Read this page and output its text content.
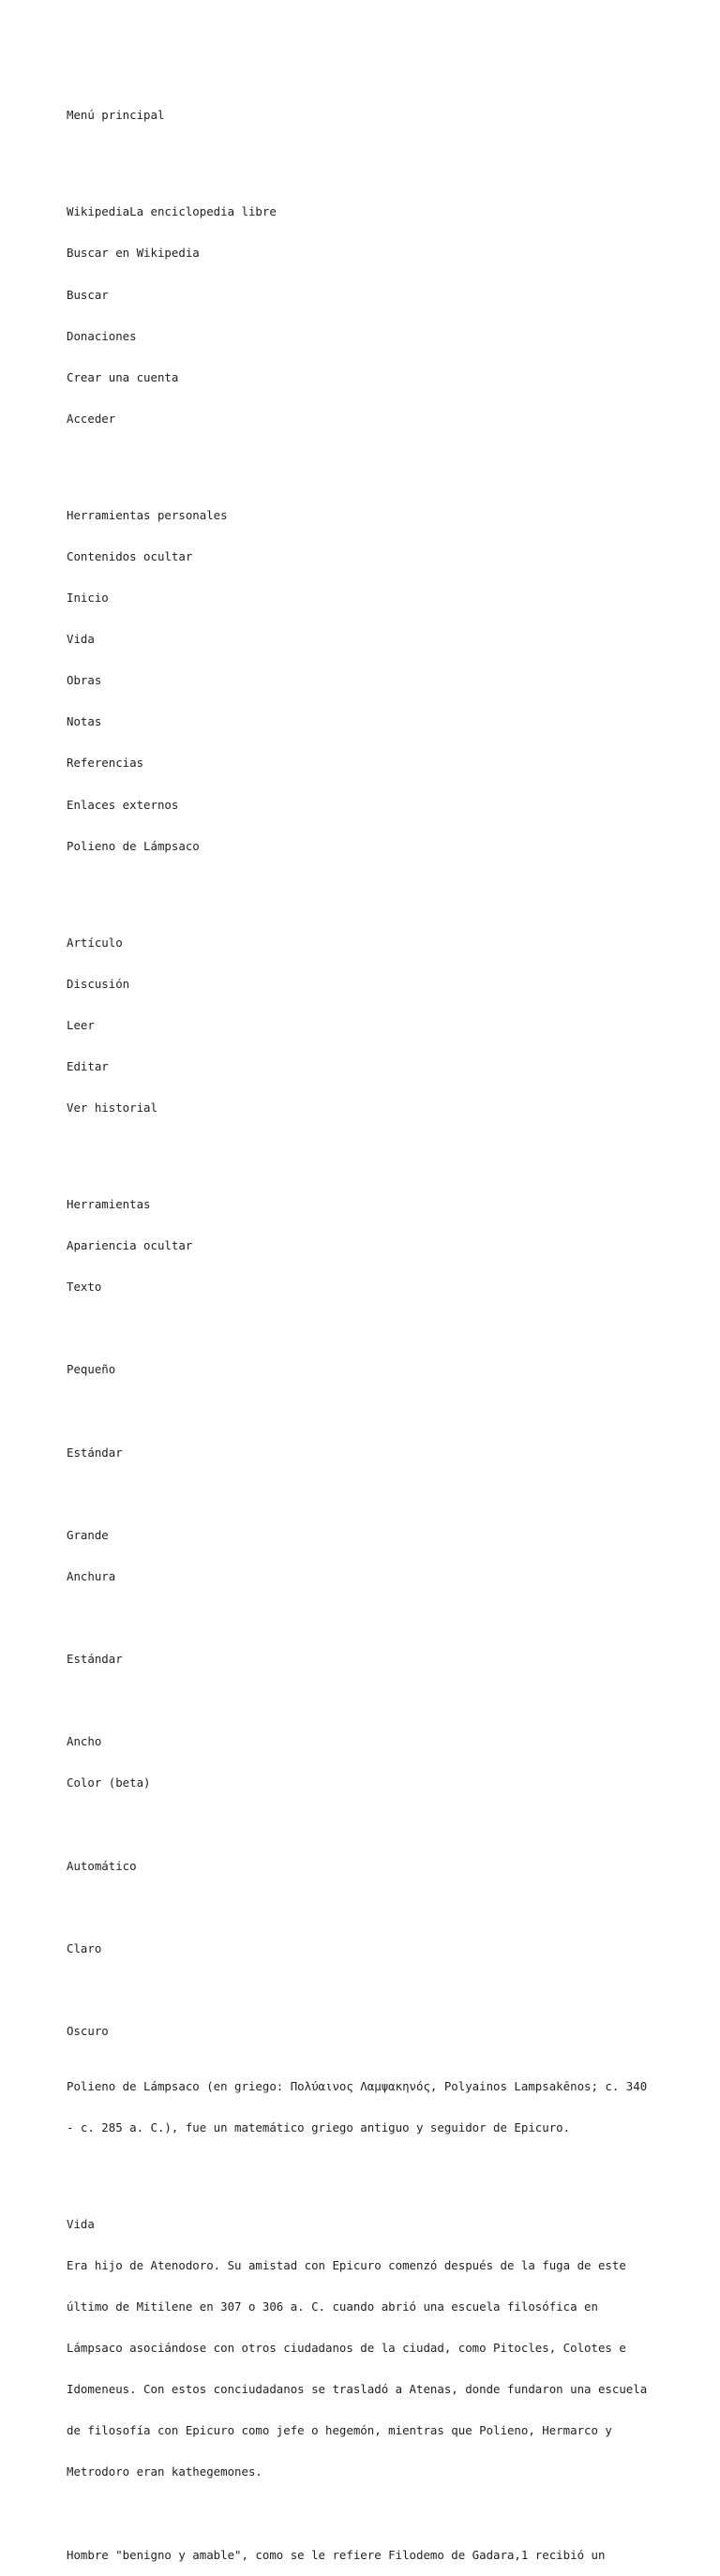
Menú principal

WikipediaLa enciclopedia libre

Buscar en Wikipedia

Buscar

Donaciones

Crear una cuenta

Acceder

Herramientas personales

Contenidos ocultar

Inicio

Vida

Obras

Notas

Referencias

Enlaces externos

Polieno de Lámpsaco

Artículo

Discusión

Leer

Editar

Ver historial

Herramientas

Apariencia ocultar

Texto

Pequeño

Estándar

Grande

Anchura

Estándar

Ancho

Color (beta)

Automático

Claro

Oscuro

Polieno de Lámpsaco (en griego: Πολύαινος Λαμψακηνός, Polyainos Lampsakēnos; c. 340

- c. 285 a. C.), fue un matemático griego antiguo y seguidor de Epicuro.

Vida

Era hijo de Atenodoro. Su amistad con Epicuro comenzó después de la fuga de este

último de Mitilene en 307 o 306 a. C. cuando abrió una escuela filosófica en

Lámpsaco asociándose con otros ciudadanos de la ciudad, como Pitocles, Colotes e

Idomeneus. Con estos conciudadanos se trasladó a Atenas, donde fundaron una escuela

de filosofía con Epicuro como jefe o hegemón, mientras que Polieno, Hermarco y

Metrodoro eran kathegemones.

Hombre "benigno y amable", como se le refiere Filodemo de Gadara,1 recibió un
